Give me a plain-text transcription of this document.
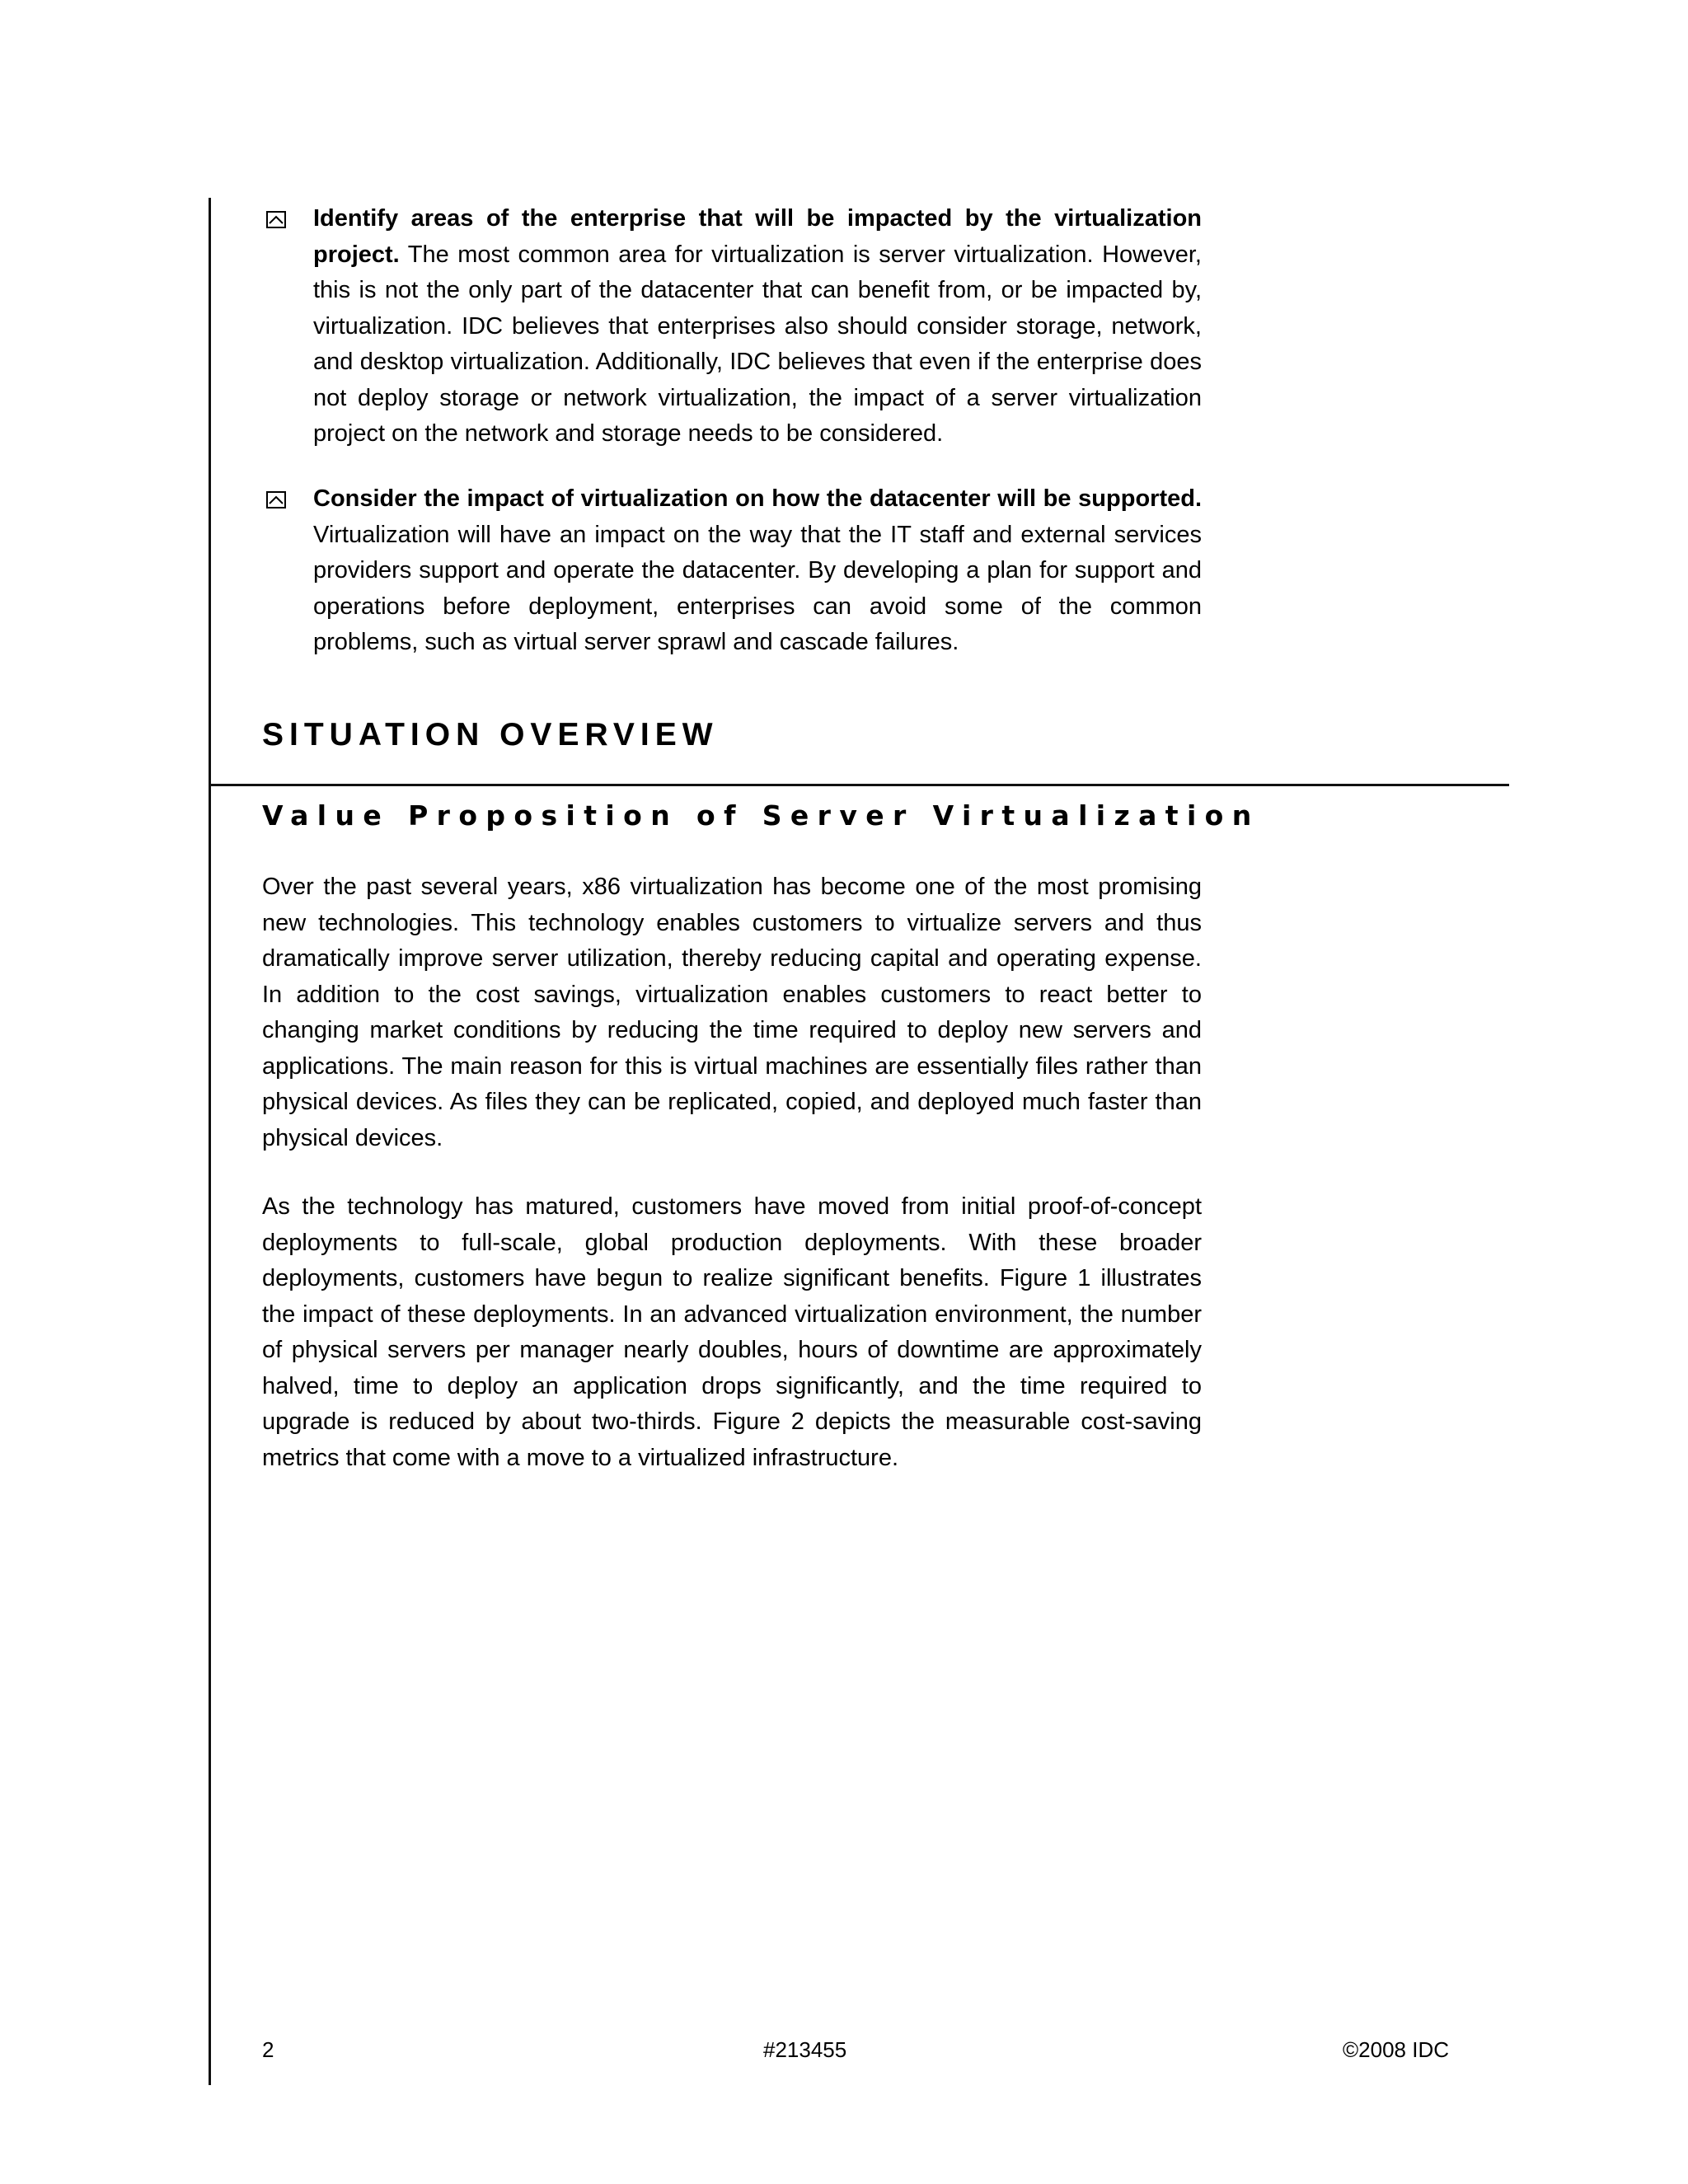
Identify areas of the enterprise that will be impacted by the virtualization project. The most common area for virtualization is server virtualization. However, this is not the only part of the datacenter that can benefit from, or be impacted by, virtualization. IDC believes that enterprises also should consider storage, network, and desktop virtualization. Additionally, IDC believes that even if the enterprise does not deploy storage or network virtualization, the impact of a server virtualization project on the network and storage needs to be considered.

Consider the impact of virtualization on how the datacenter will be supported. Virtualization will have an impact on the way that the IT staff and external services providers support and operate the datacenter. By developing a plan for support and operations before deployment, enterprises can avoid some of the common problems, such as virtual server sprawl and cascade failures.

SITUATION OVERVIEW
Value Proposition of Server Virtualization

Over the past several years, x86 virtualization has become one of the most promising new technologies. This technology enables customers to virtualize servers and thus dramatically improve server utilization, thereby reducing capital and operating expense. In addition to the cost savings, virtualization enables customers to react better to changing market conditions by reducing the time required to deploy new servers and applications. The main reason for this is virtual machines are essentially files rather than physical devices. As files they can be replicated, copied, and deployed much faster than physical devices.

As the technology has matured, customers have moved from initial proof-of-concept deployments to full-scale, global production deployments. With these broader deployments, customers have begun to realize significant benefits. Figure 1 illustrates the impact of these deployments. In an advanced virtualization environment, the number of physical servers per manager nearly doubles, hours of downtime are approximately halved, time to deploy an application drops significantly, and the time required to upgrade is reduced by about two-thirds. Figure 2 depicts the measurable cost-saving metrics that come with a move to a virtualized infrastructure.

2	#213455	©2008 IDC
